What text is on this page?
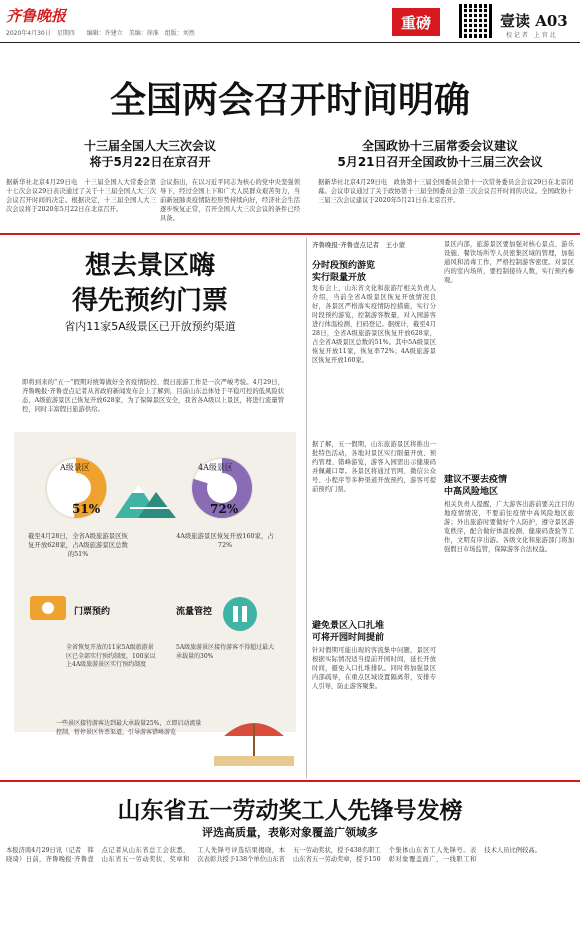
齐鲁晚报
2020年4月30日　星期四　　编辑：许建立　美编：徐准　组版：刘然
重磅	壹读 A03
校 记 者　上 官 北
全国两会召开时间明确
十三届全国人大三次会议
将于5月22日在京召开
全国政协十三届常委会议建议
5月21日召开全国政协十三届三次会议
据新华社北京4月29日电　十三届全国人大常委会第十七次会议29日表决通过了关于十三届全国人大三次会议召开时间的决定。根据决定，十三届全国人大三次会议将于2020年5月22日在北京召开。
会议指出，在以习近平同志为核心的党中央坚强领导下，经过全国上下和广大人民群众艰苦努力，当前新冠肺炎疫情防控形势持续向好，经济社会生活逐步恢复正常，召开全国人大三次会议的条件已经具备。
据新华社北京4月29日电　政协第十三届全国委员会第十一次常务委员会会议29日在北京闭幕。会议审议通过了关于政协第十三届全国委员会第三次会议召开时间的决议。全国政协十三届三次会议建议于2020年5月21日在北京召开。
想去景区嗨
得先预约门票
省内11家5A级景区已开放预约渠道
即将到来的“五一”假期对统筹做好全省疫情防控、假日旅游工作是一次严峻考验。4月29日，齐鲁晚报·齐鲁壹点记者从省政府新闻发布会上了解到，目前山东总体处于平稳可控的低风险状态，A级旅游景区已恢复开放628家，为了保障景区安全，我省各A级以上景区，将进行流量管控，同时丰富假日旅游供给。
A级景区
51%
4A级景区
72%
截至4月28日，全省A级旅游景区恢复开放628家，占A级旅游景区总数的51%
4A级旅游景区恢复开放160家，占72%
门票预约
全省恢复开放的11家5A级旅游景区已全部实行预约制度，100家以上4A级旅游景区实行预约制度
流量管控
5A级旅游景区接待游客不得超过最大承载量的30%
一些景区接待游客达到最大承载量25%，立即启动流量控制，暂停景区售票渠道，引导游客错峰游览
齐鲁晚报·齐鲁壹点记者　王小蒙
分时段预约游览
实行限量开放
发布会上，山东省文化和旅游厅相关负责人介绍，当前全省A级景区恢复开放情况良好，各景区严格落实疫情防控措施，实行分时段预约游览，控制游客数量，对入园游客进行体温检测、扫码登记。据统计，截至4月28日，全省A级旅游景区恢复开放628家，占全省A级景区总数的51%。其中5A级景区恢复开放11家，恢复率72%；4A级旅游景区恢复开放160家。
据了解，五一假期，山东旅游景区将推出一批特色活动，各地对景区实行限量开放、预约管理、错峰游览，游客入园需出示健康码并佩戴口罩。各景区将通过官网、微信公众号、小程序等多种渠道开放预约，游客可提前预约门票。
避免景区入口扎堆
可将开园时间提前
针对假期可能出现的客流集中问题，景区可根据实际情况适当提前开园时间，延长开放时间，避免入口扎堆排队。同时将加强景区内部疏导，在重点区域设置隔离带，安排专人引导，防止游客聚集。
景区内部，旅游景区要加强对核心景点、游乐设施、餐饮场所等人员密集区域的管理，加强通风和消毒工作，严格控制游客密度。对景区内的室内场所，要控制接待人数，实行预约参观。
建议不要去疫情
中高风险地区
相关负责人提醒，广大游客出游前要关注目的地疫情情况，不要前往疫情中高风险地区旅游；外出旅游时要做好个人防护，遵守景区游览秩序，配合做好体温检测、健康码查验等工作，文明有序出游。各级文化和旅游部门将加强假日市场监管，保障游客合法权益。
山东省五一劳动奖工人先锋号发榜
评选高质量，表彰对象覆盖广领域多
本报济南4月29日讯（记者　韩晓琦）日前，齐鲁晚报·齐鲁壹点记者从山东省总工会获悉，山东省五一劳动奖状、奖章和工人先锋号评选结果揭晓，本次表彰共授予138个单位山东省五一劳动奖状，授予438名职工山东省五一劳动奖章，授予150个集体山东省工人先锋号。表彰对象覆盖面广，一线职工和技术人员比例较高。
